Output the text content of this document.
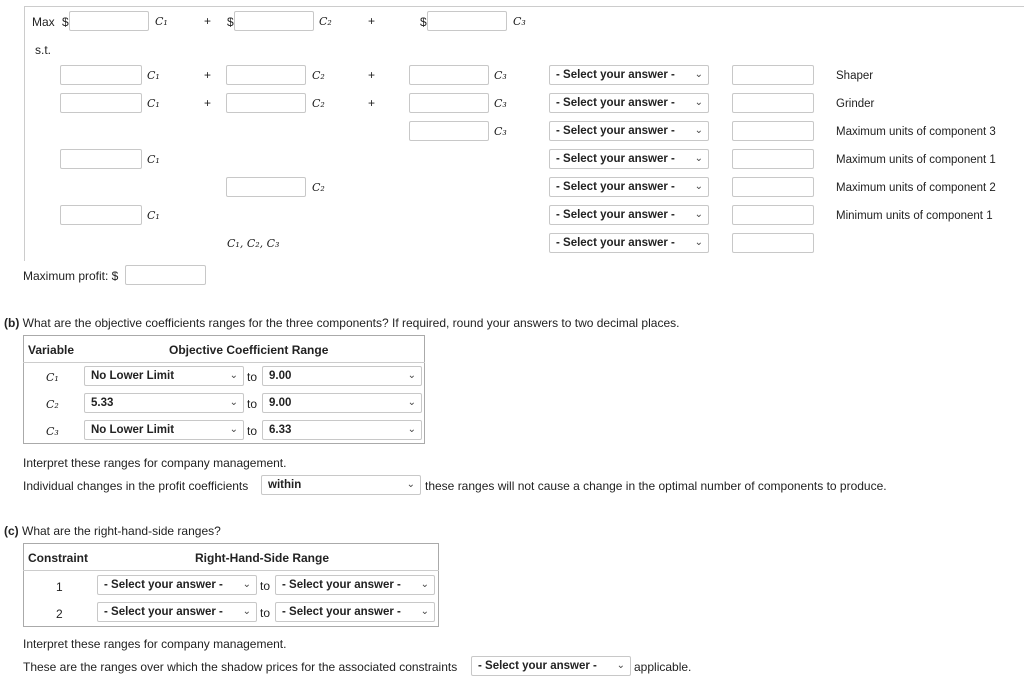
Max $	C₁	+ $	C₂	+	$	C₃
s.t.
C₁	+	C₂	+	C₃	- Select your answer - ⌄	Shaper
C₁	+	C₂	+	C₃	- Select your answer - ⌄	Grinder
C₃	- Select your answer - ⌄	Maximum units of component 3
C₁	- Select your answer - ⌄	Maximum units of component 1
C₂	- Select your answer - ⌄	Maximum units of component 2
C₁	- Select your answer - ⌄	Minimum units of component 1
C₁, C₂, C₃	- Select your answer - ⌄
Maximum profit: $
(b) What are the objective coefficients ranges for the three components? If required, round your answers to two decimal places.
Variable	Objective Coefficient Range
C₁	No Lower Limit	⌄ to	9.00	⌄
C₂	5.33	⌄ to	9.00	⌄
C₃	No Lower Limit	⌄ to	6.33	⌄
Interpret these ranges for company management.
Individual changes in the profit coefficients	within	⌄ these ranges will not cause a change in the optimal number of components to produce.
(c) What are the right-hand-side ranges?
Constraint	Right-Hand-Side Range
1	- Select your answer - ⌄ to	- Select your answer - ⌄
2	- Select your answer - ⌄ to	- Select your answer - ⌄
Interpret these ranges for company management.
These are the ranges over which the shadow prices for the associated constraints	- Select your answer - ⌄ applicable.
